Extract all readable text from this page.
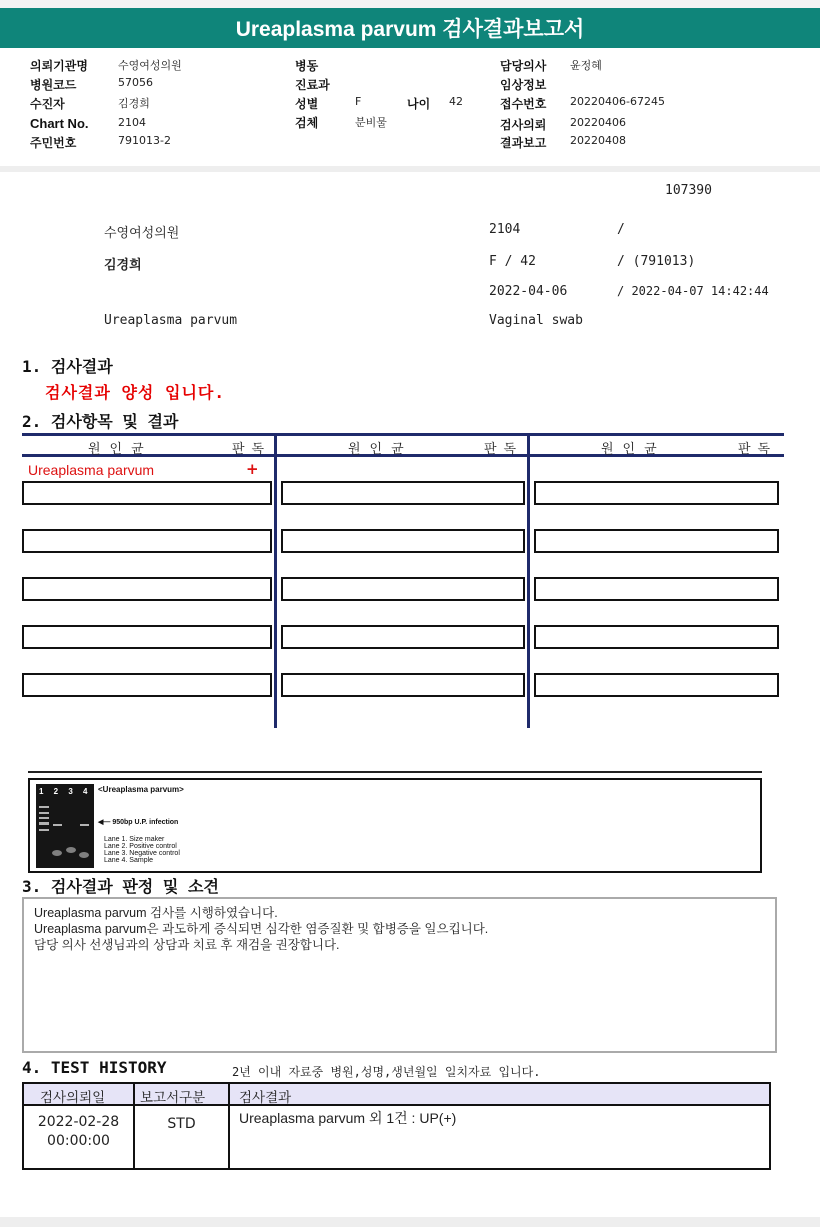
Ureaplasma parvum 검사결과보고서
의뢰기관명	수영여성의원
병원코드	57056
수진자	김경희
Chart No.	2104
주민번호	791013-2
병동
진료과
성별	F	나이 42
검체	분비물
담당의사 윤정혜
임상정보
접수번호 20220406-67245
검사의뢰 20220406
결과보고 20220408
107390
수영여성의원	2104	/
김경희	F / 42	/ (791013)
2022-04-06	/ 2022-04-07 14:42:44
Ureaplasma parvum	Vaginal swab
1. 검사결과
검사결과 양성 입니다.
2. 검사항목 및 결과
원인균	판독	원인균	판독	원인균	판독
Ureaplasma parvum	+
1 2 3 4 <Ureaplasma parvum>
◀— 950bp U.P. infection
Lane 1. Size maker
Lane 2. Positive control
Lane 3. Negative control
Lane 4. Sample
3. 검사결과 판정 및 소견
Ureaplasma parvum 검사를 시행하였습니다.
Ureaplasma parvum은 과도하게 증식되면 심각한 염증질환 및 합병증을 일으킵니다.
담당 의사 선생님과의 상담과 치료 후 재검을 권장합니다.
4. TEST HISTORY	2년 이내 자료중 병원,성명,생년월일 일치자료 입니다.
검사의뢰일	보고서구분	검사결과
2022-02-28
00:00:00
STD	Ureaplasma parvum 외 1건 : UP(+)
